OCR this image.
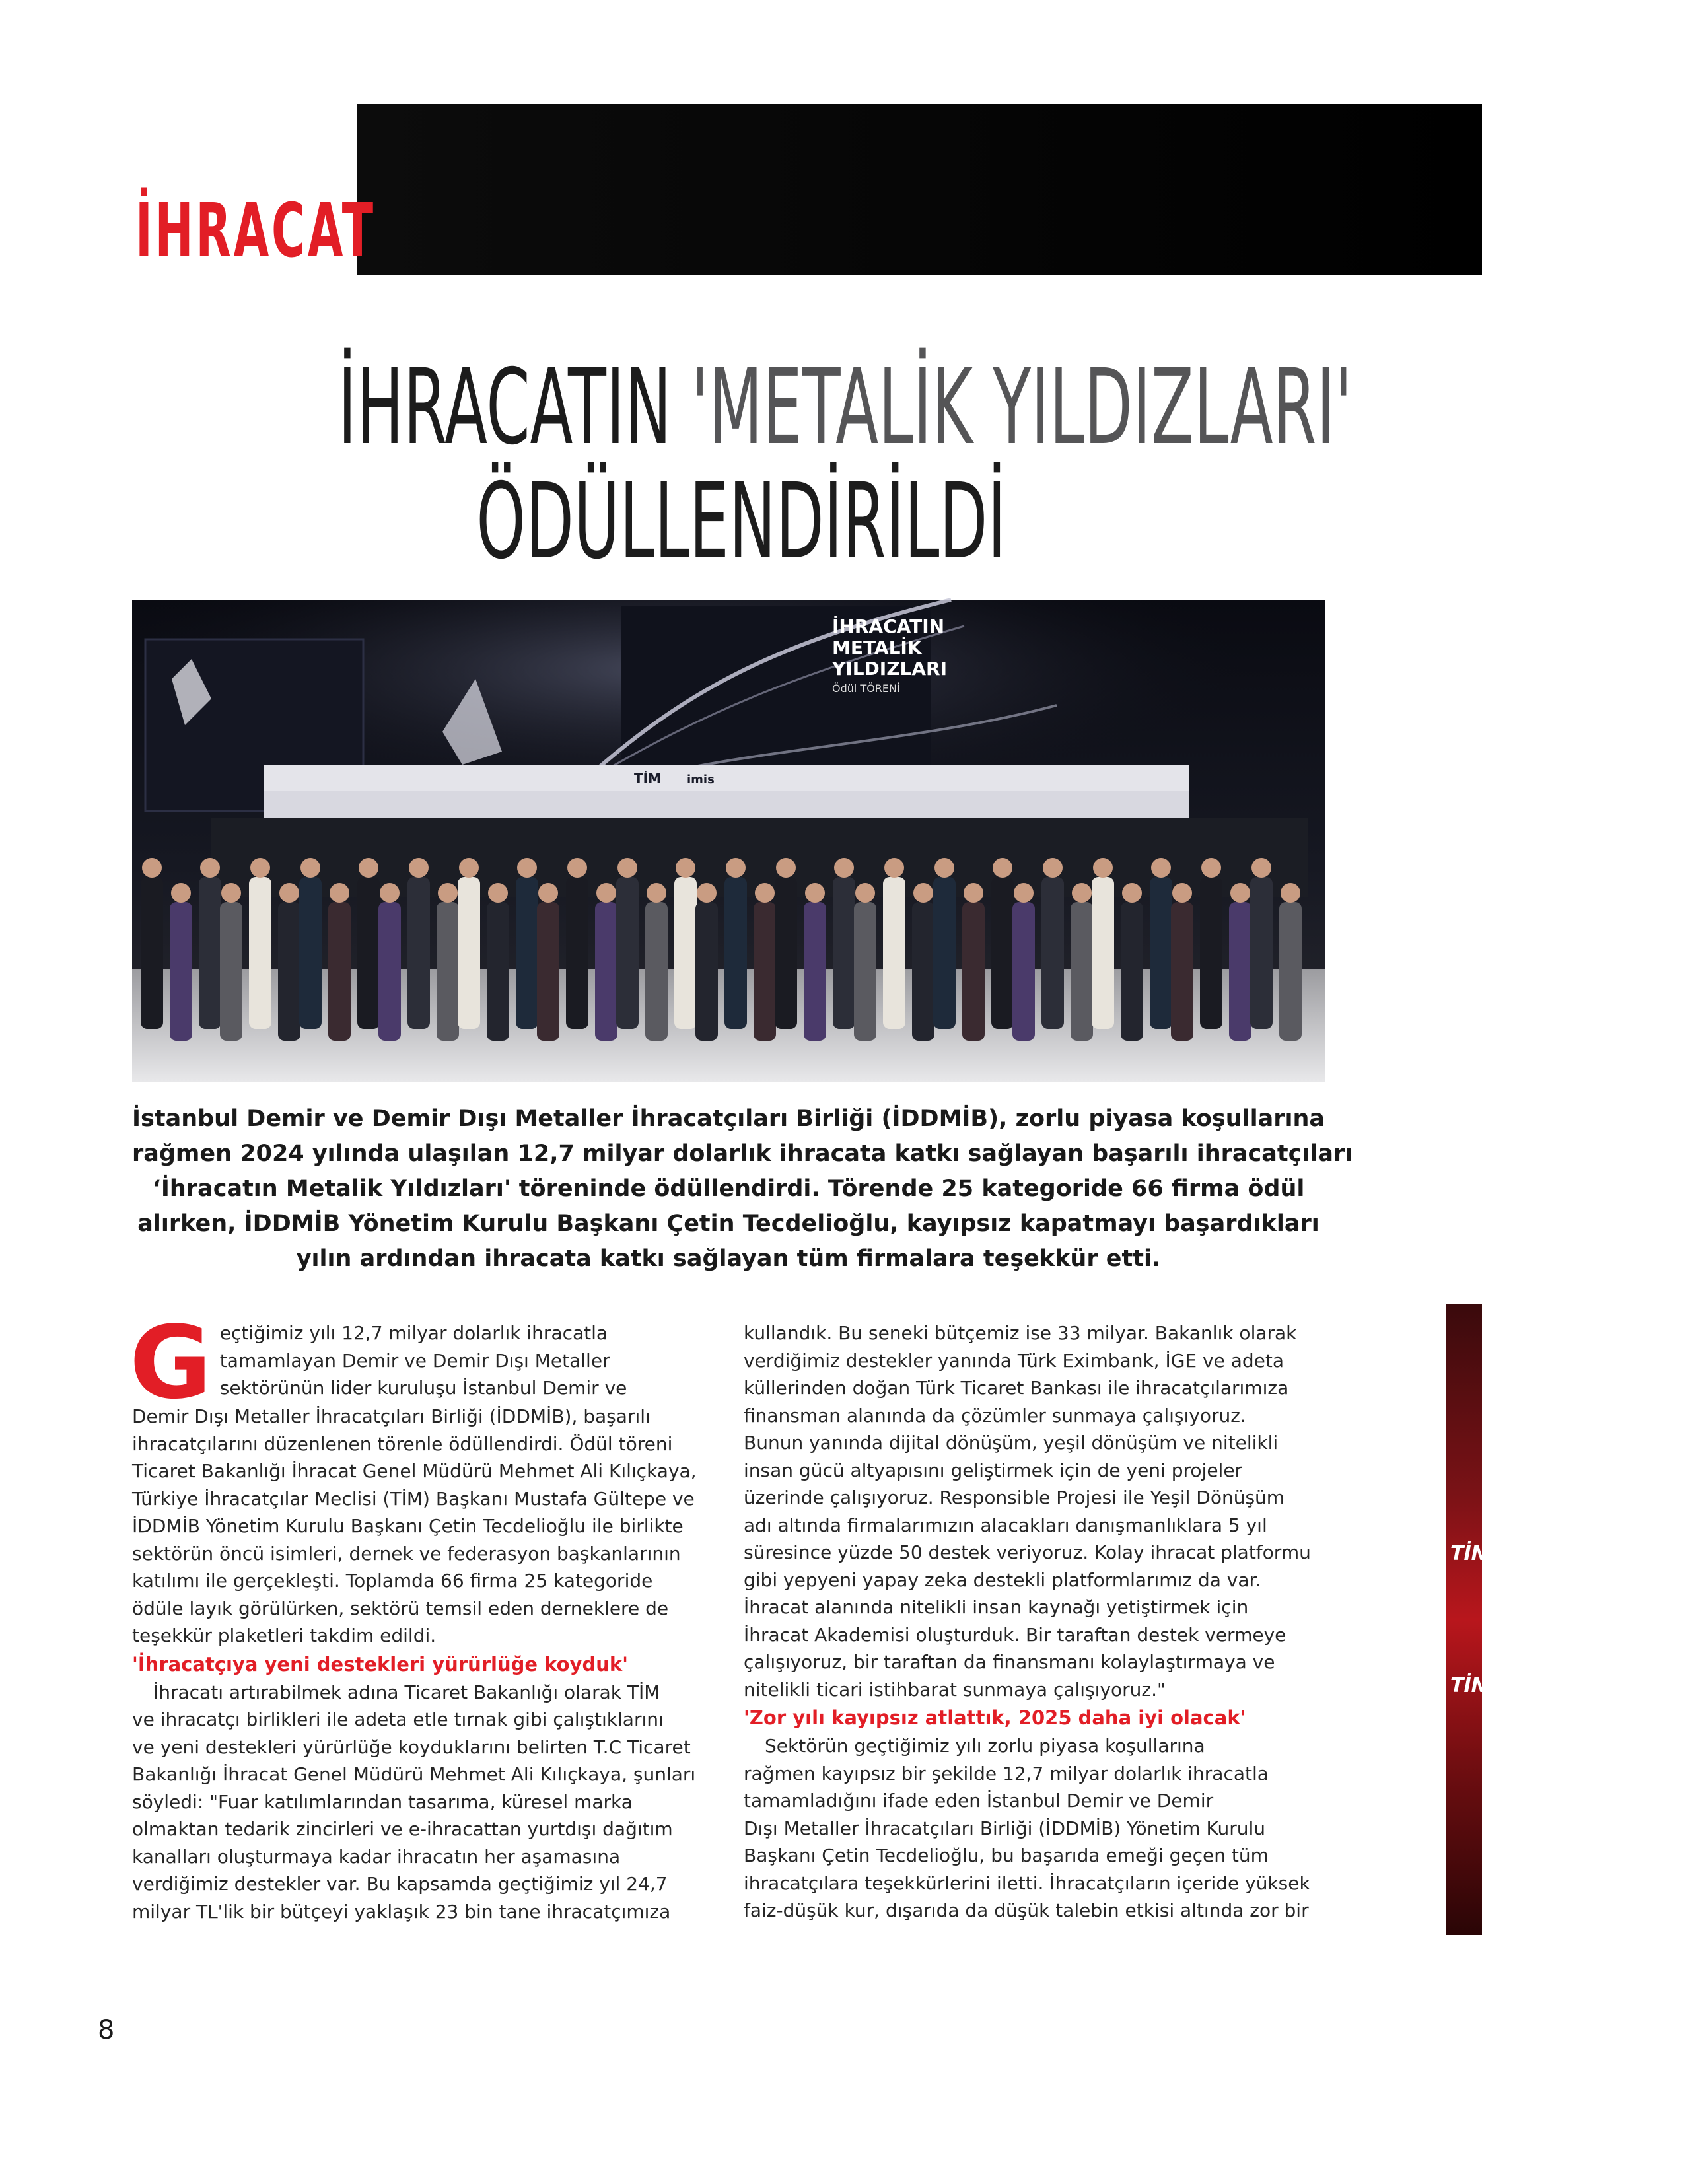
İHRACAT
İHRACATIN 'METALİK YILDIZLARI'
ÖDÜLLENDİRİLDİ
İHRACATIN
METALİK
YILDIZLARI
Ödül TÖRENİ
TİM imis
İstanbul Demir ve Demir Dışı Metaller İhracatçıları Birliği (İDDMİB), zorlu piyasa koşullarına
rağmen 2024 yılında ulaşılan 12,7 milyar dolarlık ihracata katkı sağlayan başarılı ihracatçıları
‘İhracatın Metalik Yıldızları' töreninde ödüllendirdi. Törende 25 kategoride 66 firma ödül
alırken, İDDMİB Yönetim Kurulu Başkanı Çetin Tecdelioğlu, kayıpsız kapatmayı başardıkları
yılın ardından ihracata katkı sağlayan tüm firmalara teşekkür etti.
G eçtiğimiz yılı 12,7 milyar dolarlık ihracatla
tamamlayan Demir ve Demir Dışı Metaller
sektörünün lider kuruluşu İstanbul Demir ve
Demir Dışı Metaller İhracatçıları Birliği (İDDMİB), başarılı
ihracatçılarını düzenlenen törenle ödüllendirdi. Ödül töreni
Ticaret Bakanlığı İhracat Genel Müdürü Mehmet Ali Kılıçkaya,
Türkiye İhracatçılar Meclisi (TİM) Başkanı Mustafa Gültepe ve
İDDMİB Yönetim Kurulu Başkanı Çetin Tecdelioğlu ile birlikte
sektörün öncü isimleri, dernek ve federasyon başkanlarının
katılımı ile gerçekleşti. Toplamda 66 firma 25 kategoride
ödüle layık görülürken, sektörü temsil eden derneklere de
teşekkür plaketleri takdim edildi.
'İhracatçıya yeni destekleri yürürlüğe koyduk'
İhracatı artırabilmek adına Ticaret Bakanlığı olarak TİM
ve ihracatçı birlikleri ile adeta etle tırnak gibi çalıştıklarını
ve yeni destekleri yürürlüğe koyduklarını belirten T.C Ticaret
Bakanlığı İhracat Genel Müdürü Mehmet Ali Kılıçkaya, şunları
söyledi: "Fuar katılımlarından tasarıma, küresel marka
olmaktan tedarik zincirleri ve e-ihracattan yurtdışı dağıtım
kanalları oluşturmaya kadar ihracatın her aşamasına
verdiğimiz destekler var. Bu kapsamda geçtiğimiz yıl 24,7
milyar TL'lik bir bütçeyi yaklaşık 23 bin tane ihracatçımıza
kullandık. Bu seneki bütçemiz ise 33 milyar. Bakanlık olarak
verdiğimiz destekler yanında Türk Eximbank, İGE ve adeta
küllerinden doğan Türk Ticaret Bankası ile ihracatçılarımıza
finansman alanında da çözümler sunmaya çalışıyoruz.
Bunun yanında dijital dönüşüm, yeşil dönüşüm ve nitelikli
insan gücü altyapısını geliştirmek için de yeni projeler
üzerinde çalışıyoruz. Responsible Projesi ile Yeşil Dönüşüm
adı altında firmalarımızın alacakları danışmanlıklara 5 yıl
süresince yüzde 50 destek veriyoruz. Kolay ihracat platformu
gibi yepyeni yapay zeka destekli platformlarımız da var.
İhracat alanında nitelikli insan kaynağı yetiştirmek için
İhracat Akademisi oluşturduk. Bir taraftan destek vermeye
çalışıyoruz, bir taraftan da finansmanı kolaylaştırmaya ve
nitelikli ticari istihbarat sunmaya çalışıyoruz."
'Zor yılı kayıpsız atlattık, 2025 daha iyi olacak'
Sektörün geçtiğimiz yılı zorlu piyasa koşullarına
rağmen kayıpsız bir şekilde 12,7 milyar dolarlık ihracatla
tamamladığını ifade eden İstanbul Demir ve Demir
Dışı Metaller İhracatçıları Birliği (İDDMİB) Yönetim Kurulu
Başkanı Çetin Tecdelioğlu, bu başarıda emeği geçen tüm
ihracatçılara teşekkürlerini iletti. İhracatçıların içeride yüksek
faiz-düşük kur, dışarıda da düşük talebin etkisi altında zor bir
TİN
TİN
8
